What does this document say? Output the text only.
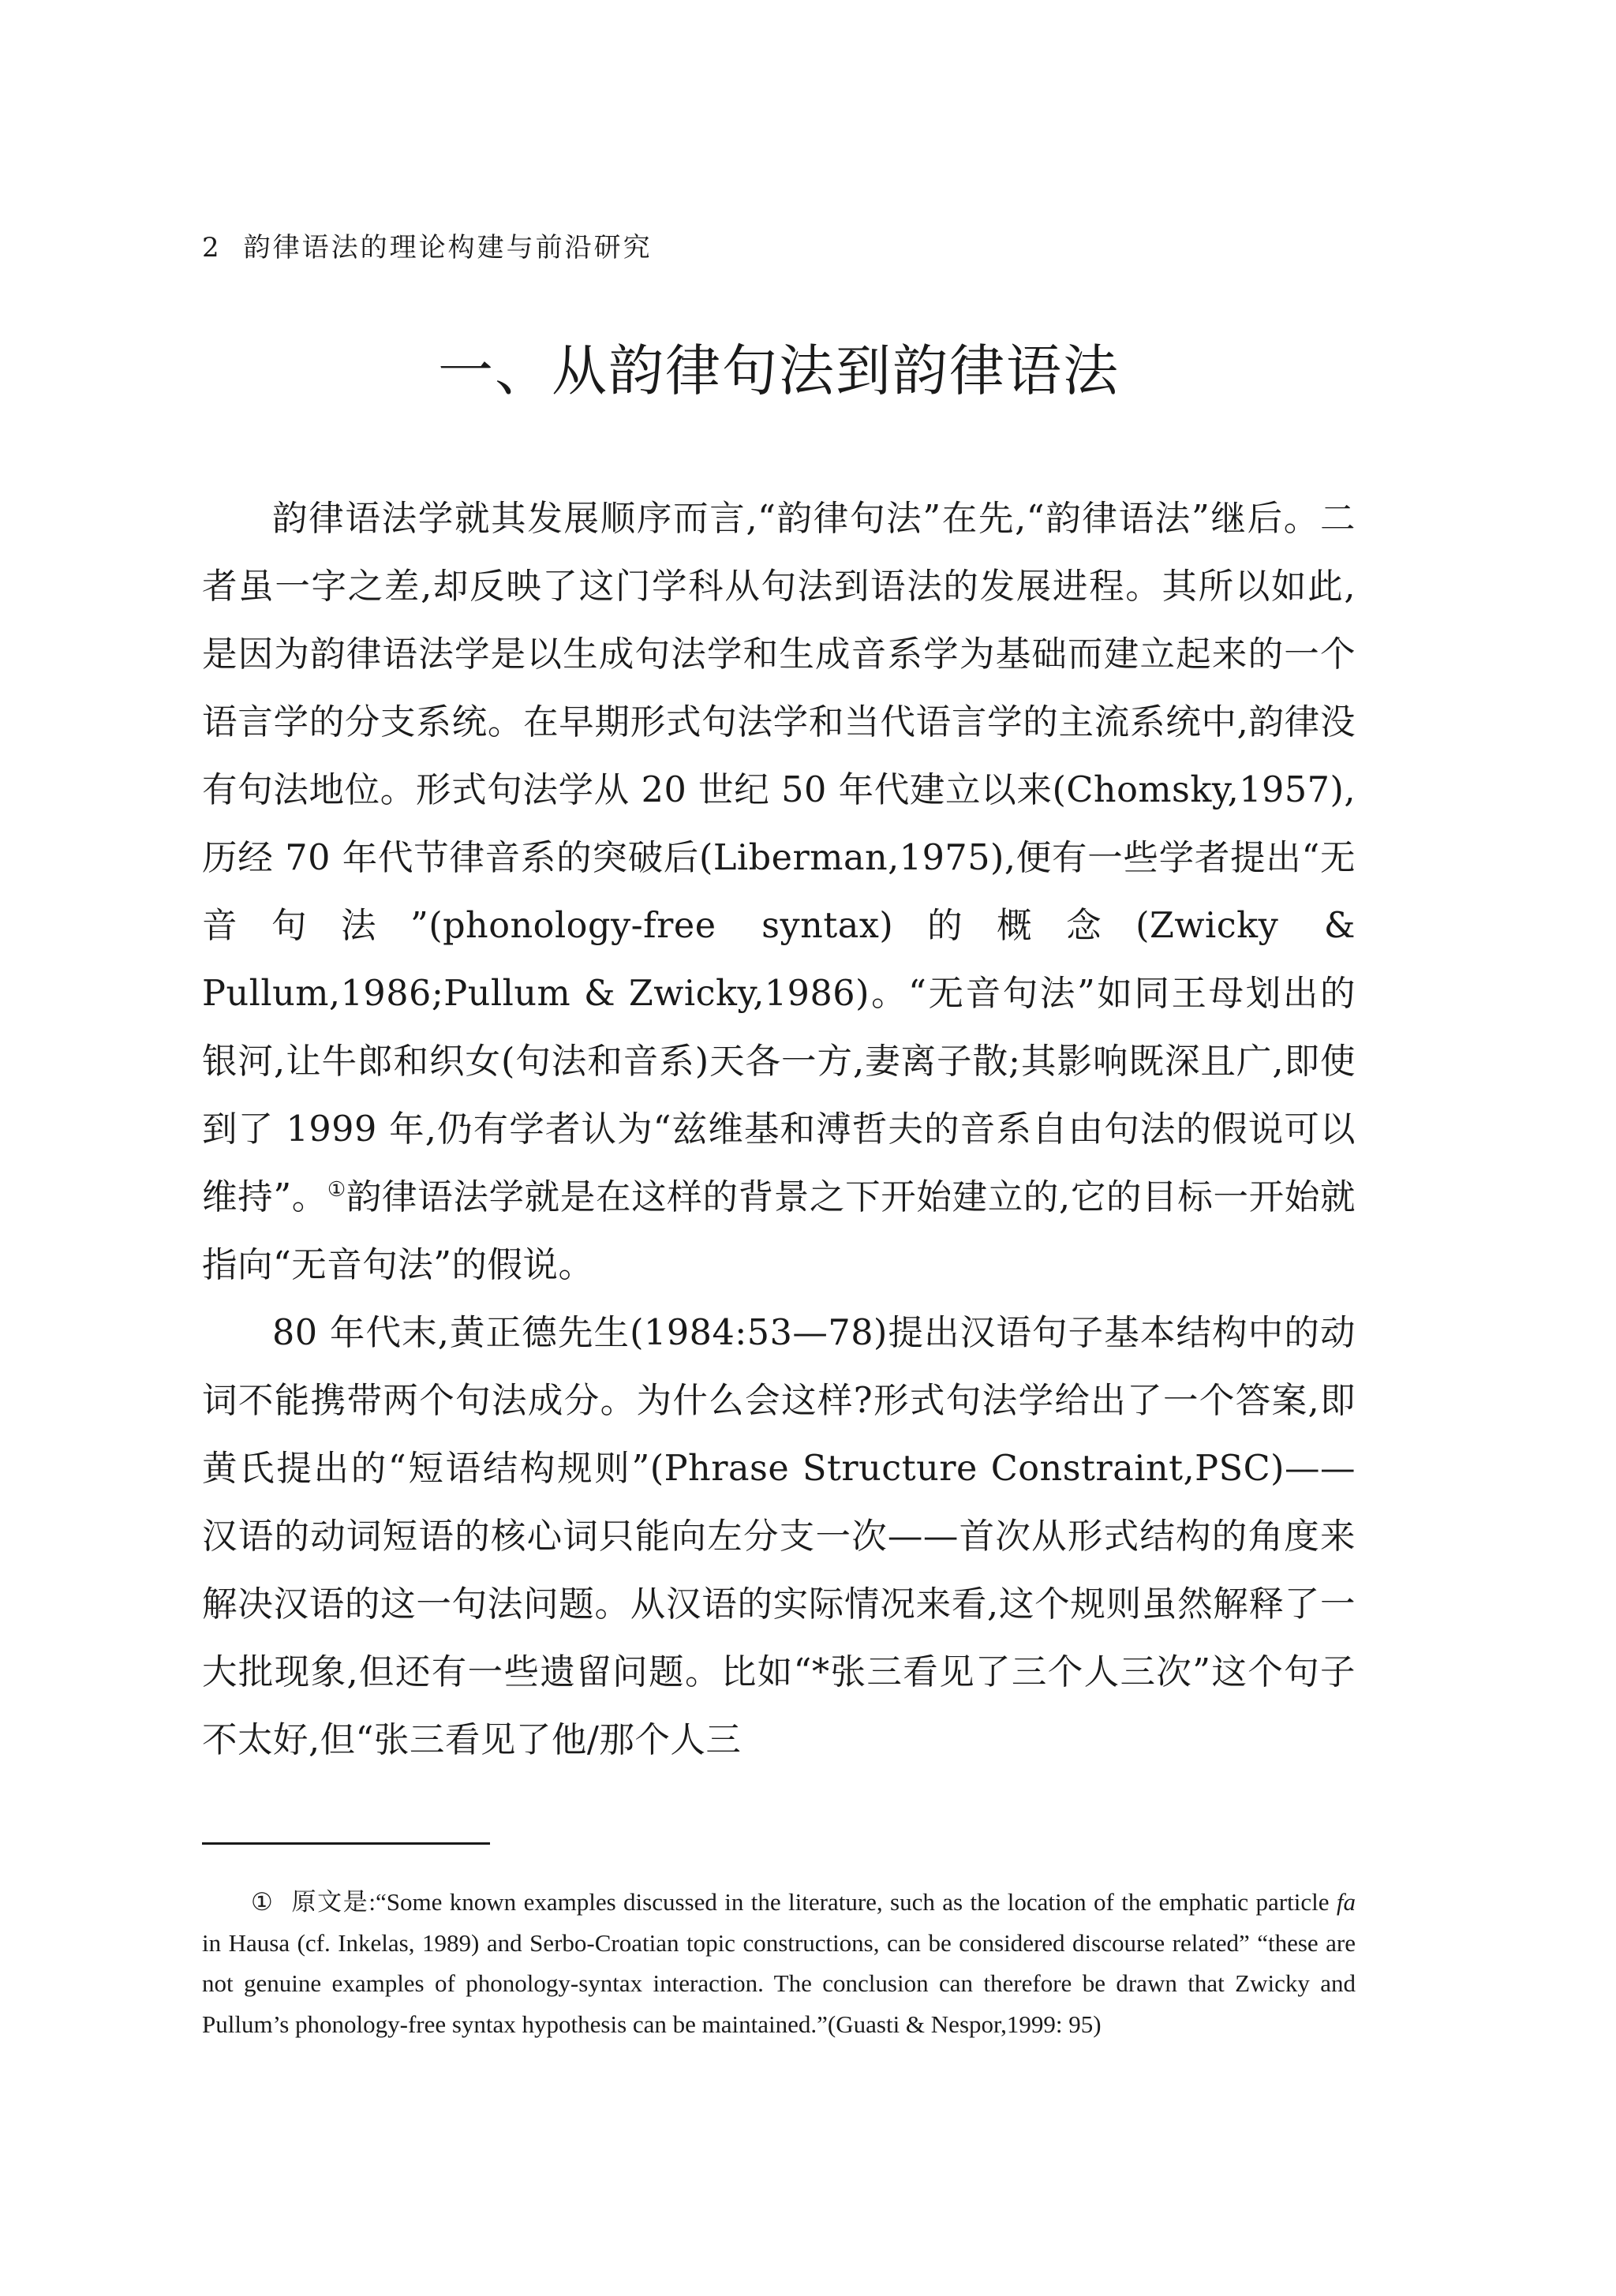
2 韵律语法的理论构建与前沿研究
一、从韵律句法到韵律语法

韵律语法学就其发展顺序而言,“韵律句法”在先,“韵律语法”继后。二者虽一字之差,却反映了这门学科从句法到语法的发展进程。其所以如此,是因为韵律语法学是以生成句法学和生成音系学为基础而建立起来的一个语言学的分支系统。在早期形式句法学和当代语言学的主流系统中,韵律没有句法地位。形式句法学从 20 世纪 50 年代建立以来(Chomsky,1957),历经 70 年代节律音系的突破后(Liberman,1975),便有一些学者提出“无音句法”(phonology-free syntax)的概念(Zwicky & Pullum,1986;Pullum & Zwicky,1986)。“无音句法”如同王母划出的银河,让牛郎和织女(句法和音系)天各一方,妻离子散;其影响既深且广,即使到了 1999 年,仍有学者认为“兹维基和溥哲夫的音系自由句法的假说可以维持”。①韵律语法学就是在这样的背景之下开始建立的,它的目标一开始就指向“无音句法”的假说。

80 年代末,黄正德先生(1984:53—78)提出汉语句子基本结构中的动词不能携带两个句法成分。为什么会这样?形式句法学给出了一个答案,即黄氏提出的“短语结构规则”(Phrase Structure Constraint,PSC)——汉语的动词短语的核心词只能向左分支一次——首次从形式结构的角度来解决汉语的这一句法问题。从汉语的实际情况来看,这个规则虽然解释了一大批现象,但还有一些遗留问题。比如“*张三看见了三个人三次”这个句子不太好,但“张三看见了他/那个人三

① 原文是:“Some known examples discussed in the literature, such as the location of the emphatic particle fa in Hausa (cf. Inkelas, 1989) and Serbo-Croatian topic constructions, can be considered discourse related” “these are not genuine examples of phonology-syntax interaction. The conclusion can therefore be drawn that Zwicky and Pullum’s phonology-free syntax hypothesis can be maintained.”(Guasti & Nespor,1999: 95)
